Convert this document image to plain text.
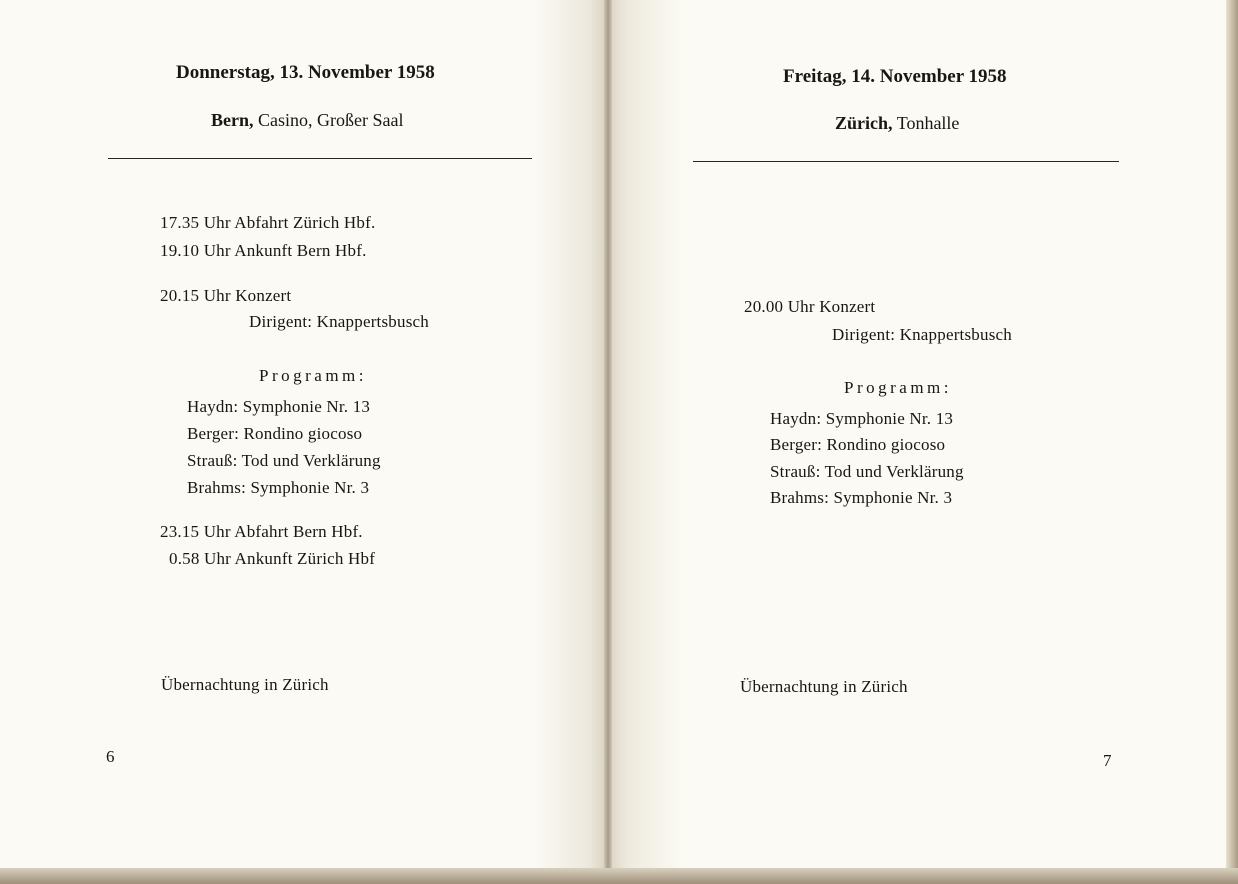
Donnerstag, 13. November 1958
Bern, Casino, Großer Saal
17.35 Uhr Abfahrt Zürich Hbf.
19.10 Uhr Ankunft Bern Hbf.
20.15 Uhr Konzert
Dirigent: Knappertsbusch
Programm:
Haydn: Symphonie Nr. 13
Berger: Rondino giocoso
Strauß: Tod und Verklärung
Brahms: Symphonie Nr. 3
23.15 Uhr Abfahrt Bern Hbf.
0.58 Uhr Ankunft Zürich Hbf
Übernachtung in Zürich
6
Freitag, 14. November 1958
Zürich, Tonhalle
20.00 Uhr Konzert
Dirigent: Knappertsbusch
Programm:
Haydn: Symphonie Nr. 13
Berger: Rondino giocoso
Strauß: Tod und Verklärung
Brahms: Symphonie Nr. 3
Übernachtung in Zürich
7
